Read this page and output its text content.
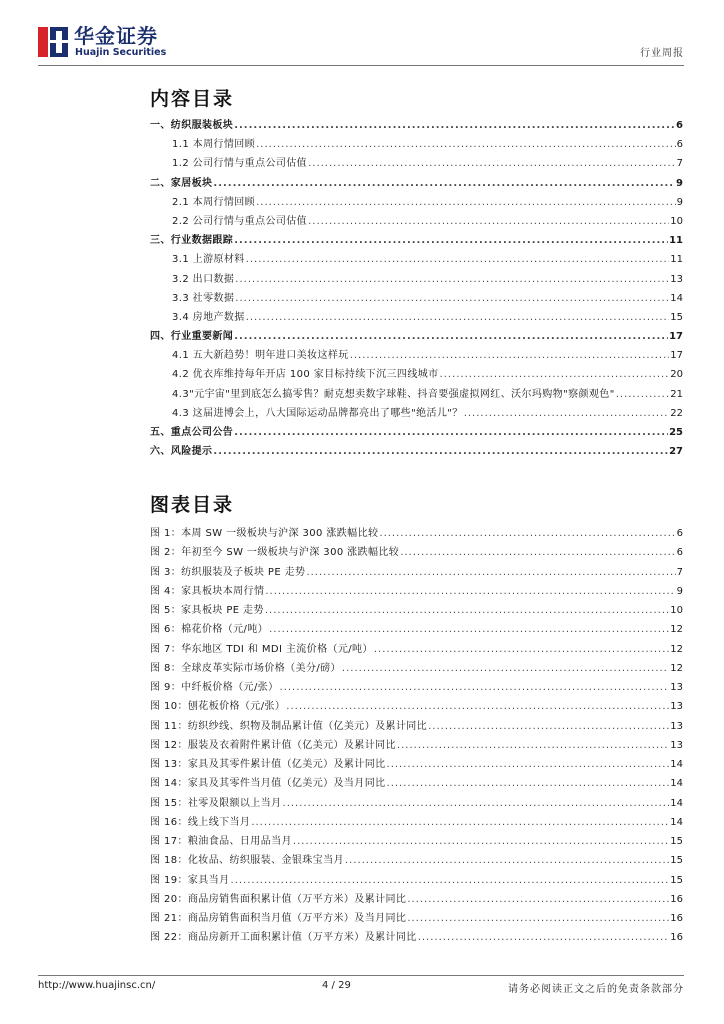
华金证券
Huajin Securities	行业周报
内容目录
一、纺织服装板块 .....	6
1.1 本周行情回顾 .....	6
1.2 公司行情与重点公司估值 .....	7
二、家居板块 .....	9
2.1 本周行情回顾 .....	9
2.2 公司行情与重点公司估值 .....	10
三、行业数据跟踪 .....	11
3.1 上游原材料 .....	11
3.2 出口数据 .....	13
3.3 社零数据 .....	14
3.4 房地产数据 .....	15
四、行业重要新闻 .....	17
4.1 五大新趋势！明年进口美妆这样玩 .....	17
4.2 优衣库维持每年开店 100 家目标持续下沉三四线城市 .....	20
4.3"元宇宙"里到底怎么搞零售？耐克想卖数字球鞋、抖音要强虚拟网红、沃尔玛购物"察颜观色" .....	21
4.3 这届进博会上，八大国际运动品牌都亮出了哪些"绝活儿"？ .....	22
五、重点公司公告 .....	25
六、风险提示 .....	27
图表目录
图 1：本周 SW 一级板块与沪深 300 涨跌幅比较 .....	6
图 2：年初至今 SW 一级板块与沪深 300 涨跌幅比较 .....	6
图 3：纺织服装及子板块 PE 走势 .....	7
图 4：家具板块本周行情 .....	9
图 5：家具板块 PE 走势 .....	10
图 6：棉花价格（元/吨） .....	12
图 7：华东地区 TDI 和 MDI 主流价格（元/吨） .....	12
图 8：全球皮革实际市场价格（美分/磅） .....	12
图 9：中纤板价格（元/张） .....	13
图 10：刨花板价格（元/张） .....	13
图 11：纺织纱线、织物及制品累计值（亿美元）及累计同比 .....	13
图 12：服装及衣着附件累计值（亿美元）及累计同比 .....	13
图 13：家具及其零件累计值（亿美元）及累计同比 .....	14
图 14：家具及其零件当月值（亿美元）及当月同比 .....	14
图 15：社零及限额以上当月 .....	14
图 16：线上线下当月 .....	14
图 17：粮油食品、日用品当月 .....	15
图 18：化妆品、纺织服装、金银珠宝当月 .....	15
图 19：家具当月 .....	15
图 20：商品房销售面积累计值（万平方米）及累计同比 .....	16
图 21：商品房销售面积当月值（万平方米）及当月同比 .....	16
图 22：商品房新开工面积累计值（万平方米）及累计同比 .....	16
http://www.huajinsc.cn/	4 / 29	请务必阅读正文之后的免责条款部分
